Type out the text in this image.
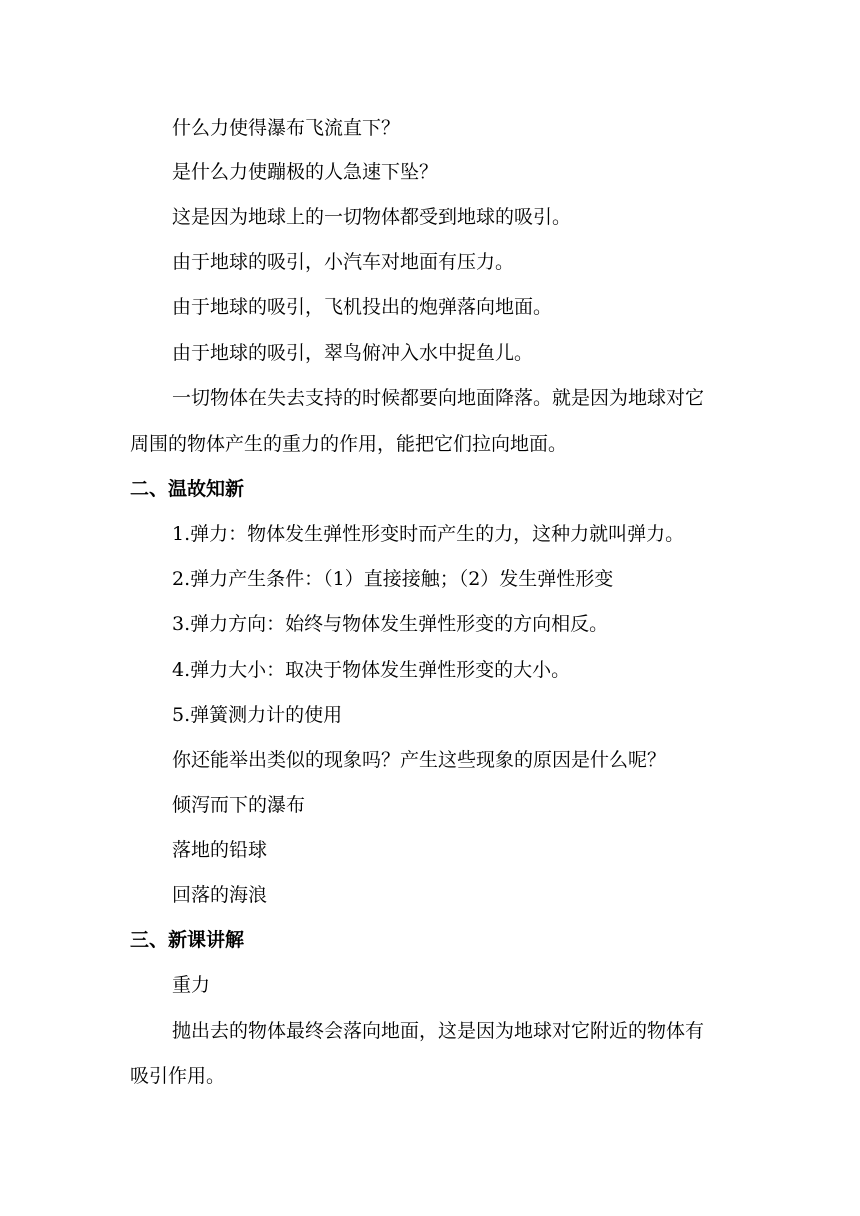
什么力使得瀑布飞流直下？
是什么力使蹦极的人急速下坠？
这是因为地球上的一切物体都受到地球的吸引。
由于地球的吸引，小汽车对地面有压力。
由于地球的吸引，飞机投出的炮弹落向地面。
由于地球的吸引，翠鸟俯冲入水中捉鱼儿。
一切物体在失去支持的时候都要向地面降落。就是因为地球对它
周围的物体产生的重力的作用，能把它们拉向地面。
二、温故知新
1.弹力：物体发生弹性形变时而产生的力，这种力就叫弹力。
2.弹力产生条件：（1）直接接触；（2）发生弹性形变
3.弹力方向：始终与物体发生弹性形变的方向相反。
4.弹力大小：取决于物体发生弹性形变的大小。
5.弹簧测力计的使用
你还能举出类似的现象吗？产生这些现象的原因是什么呢？
倾泻而下的瀑布
落地的铅球
回落的海浪
三、新课讲解
重力
抛出去的物体最终会落向地面，这是因为地球对它附近的物体有
吸引作用。
